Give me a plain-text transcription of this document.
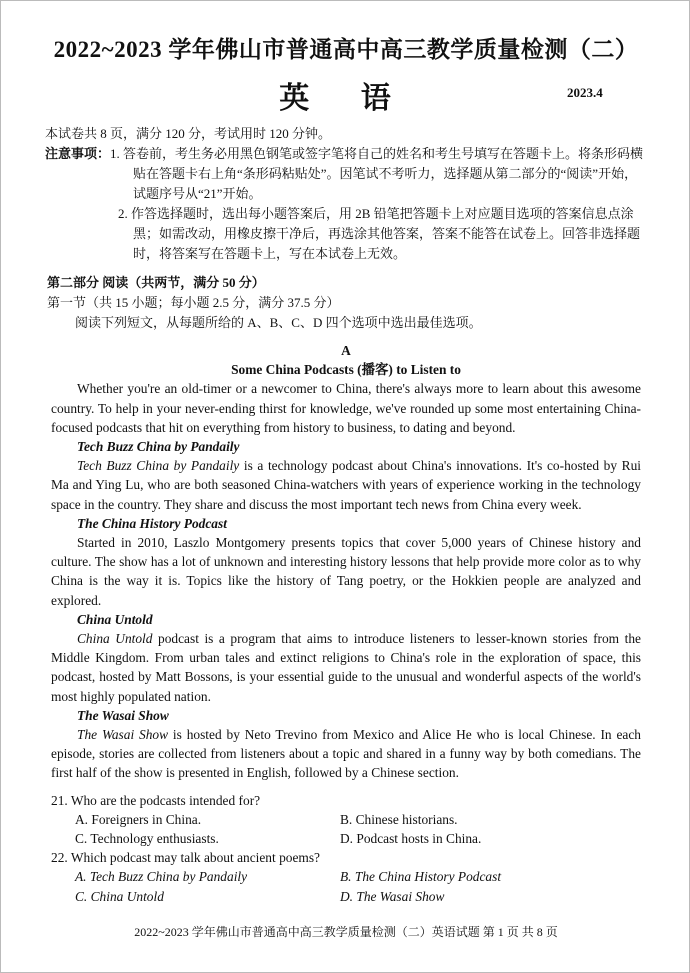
2022~2023 学年佛山市普通高中高三教学质量检测（二）
英 语	2023.4
本试卷共 8 页，满分 120 分，考试用时 120 分钟。
注意事项：1. 答卷前，考生务必用黑色钢笔或签字笔将自己的姓名和考生号填写在答题卡上。将条形码横贴在答题卡右上角“条形码粘贴处”。因笔试不考听力，选择题从第二部分的“阅读”开始，试题序号从“21”开始。
2. 作答选择题时，选出每小题答案后，用 2B 铅笔把答题卡上对应题目选项的答案信息点涂黑；如需改动，用橡皮擦干净后，再选涂其他答案，答案不能答在试卷上。回答非选择题时，将答案写在答题卡上，写在本试卷上无效。
第二部分 阅读（共两节，满分 50 分）
第一节（共 15 小题；每小题 2.5 分，满分 37.5 分）
阅读下列短文，从每题所给的 A、B、C、D 四个选项中选出最佳选项。
A
Some China Podcasts (播客) to Listen to

Whether you're an old-timer or a newcomer to China, there's always more to learn about this awesome country. To help in your never-ending thirst for knowledge, we've rounded up some most entertaining China-focused podcasts that hit on everything from history to business, to dating and beyond.

Tech Buzz China by Pandaily

Tech Buzz China by Pandaily is a technology podcast about China's innovations. It's co-hosted by Rui Ma and Ying Lu, who are both seasoned China-watchers with years of experience working in the technology space in the country. They share and discuss the most important tech news from China every week.

The China History Podcast

Started in 2010, Laszlo Montgomery presents topics that cover 5,000 years of Chinese history and culture. The show has a lot of unknown and interesting history lessons that help provide more color as to why China is the way it is. Topics like the history of Tang poetry, or the Hokkien people are analyzed and explored.

China Untold

China Untold podcast is a program that aims to introduce listeners to lesser-known stories from the Middle Kingdom. From urban tales and extinct religions to China's role in the exploration of space, this podcast, hosted by Matt Bossons, is your essential guide to the unusual and wonderful aspects of the world's most highly populated nation.

The Wasai Show

The Wasai Show is hosted by Neto Trevino from Mexico and Alice He who is local Chinese. In each episode, stories are collected from listeners about a topic and shared in a funny way by both comedians. The first half of the show is presented in English, followed by a Chinese section.

21. Who are the podcasts intended for?
A. Foreigners in China.	B. Chinese historians.
C. Technology enthusiasts.	D. Podcast hosts in China.
22. Which podcast may talk about ancient poems?
A. Tech Buzz China by Pandaily	B. The China History Podcast
C. China Untold	D. The Wasai Show
2022~2023 学年佛山市普通高中高三教学质量检测（二）英语试题 第 1 页 共 8 页
